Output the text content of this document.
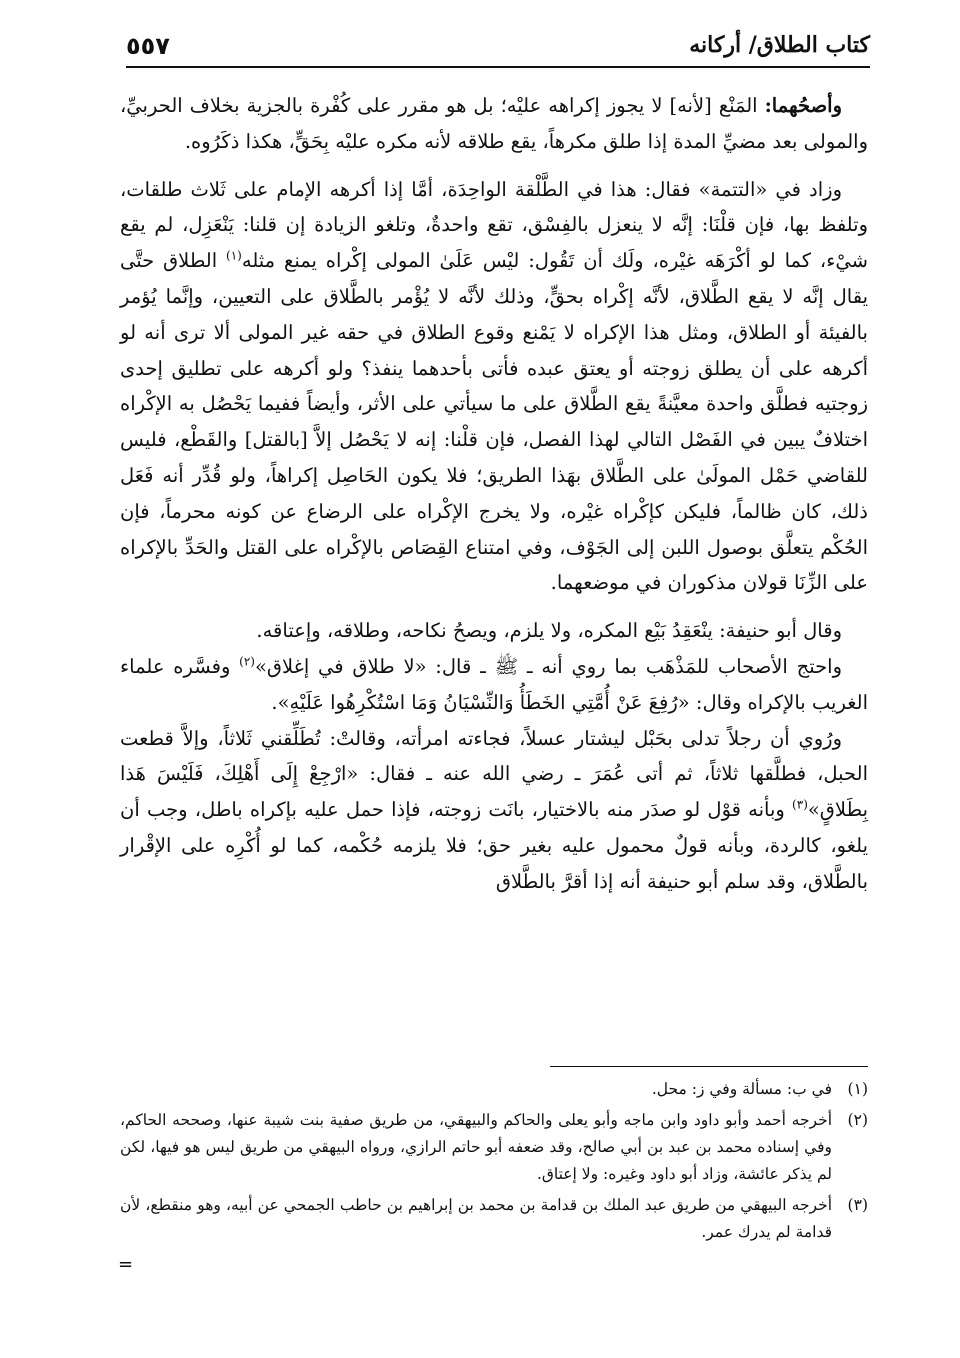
كتاب الطلاق/ أركانه
٥٥٧

وأصحُهما: المَنْع [لأنه] لا يجوز إكراهه عليْه؛ بل هو مقرر على كُفْرة بالجزية بخلاف الحربيِّ، والمولى بعد مضيِّ المدة إذا طلق مكرهاً، يقع طلاقه لأنه مكره عليْه بِحَقٍّ، هكذا ذكَرُوه.

وزاد في «التتمة» فقال: هذا في الطَّلْقة الواحِدَة، أمَّا إذا أكرهه الإمام على ثَلاث طلقات، وتلفظ بها، فإن قلْنَا: إنَّه لا ينعزل بالفِسْق، تقع واحدةٌ، وتلغو الزيادة إن قلنا: يَنْعَزِل، لم يقع شيْء، كما لو أكْرَهَه غيْره، ولَك أن تَقُول: ليْس عَلَىٰ المولى إكْراه يمنع مثله$^{(١)}$ الطلاق حتَّى يقال إنَّه لا يقع الطَّلاق، لأنَّه إكْراه بحقٍّ، وذلك لأنَّه لا يُؤْمر بالطَّلاق على التعيين، وإنَّما يُؤمر بالفيئة أو الطلاق، ومثل هذا الإكراه لا يَمْنع وقوع الطلاق في حقه غير المولى ألا ترى أنه لو أكرهه على أن يطلق زوجته أو يعتق عبده فأتى بأحدهما ينفذ؟ ولو أكرهه على تطليق إحدى زوجتيه فطلَّق واحدة معيَّنةً يقع الطَّلاق على ما سيأتي على الأثر، وأيضاً ففيما يَحْصُل به الإكْراه اختلافٌ يبين في الفَصْل التالي لهذا الفصل، فإن قلْنا: إنه لا يَحْصُل إلاَّ [بالقتل] والقَطْع، فليس للقاضي حَمْل المولَىٰ على الطَّلاق بهَذا الطريق؛ فلا يكون الحَاصِل إكراهاً، ولو قُدِّر أنه فَعَل ذلك، كان ظالماً، فليكن كإكْراه غيْره، ولا يخرج الإكْراه على الرضاع عن كونه محرماً، فإن الحُكْم يتعلَّق بوصول اللبن إلى الجَوْف، وفي امتناع القِصَاص بالإكْراه على القتل والحَدِّ بالإكراه على الزِّنَا قولان مذكوران في موضعهما.

وقال أبو حنيفة: ينْعَقِدُ بَيْع المكره، ولا يلزم، ويصحُ نكاحه، وطلاقه، وإعتاقه.

واحتج الأصحاب للمَذْهَب بما روي أنه ـ ﷺ ـ قال: «لا طلاق في إغلاق»$^{(٢)}$ وفسَّره علماء الغريب بالإكراه وقال: «رُفِعَ عَنْ أُمَّتِي الخَطَأُ وَالنِّسْيَانُ وَمَا اسْتُكْرِهُوا عَلَيْهِ».

ورُوي أن رجلاً تدلى بحَبْل ليشتار عسلاً، فجاءته امرأته، وقالتْ: تُطَلِّقني ثَلاثاً، وإلاَّ قطعت الحبل، فطلَّقها ثلاثاً، ثم أتى عُمَرَ ـ رضي الله عنه ـ فقال: «ارْجِعْ إِلَى أَهْلِكَ، فَلَيْسَ هَذا بِطَلاقٍ»$^{(٣)}$ وبأنه قوْل لو صدَر منه بالاختيار، بانَت زوجته، فإذا حمل عليه بإكراه باطل، وجب أن يلغو، كالردة، وبأنه قولٌ محمول عليه بغير حق؛ فلا يلزمه حُكْمه، كما لو أُكْرِه على الإقْرار بالطَّلاق، وقد سلم أبو حنيفة أنه إذا أقرَّ بالطَّلاق

(١)
في ب: مسألة وفي ز: محل.
(٢)
أخرجه أحمد وأبو داود وابن ماجه وأبو يعلى والحاكم والبيهقي، من طريق صفية بنت شيبة عنها، وصححه الحاكم، وفي إسناده محمد بن عبد بن أبي صالح، وقد ضعفه أبو حاتم الرازي، ورواه البيهقي من طريق ليس هو فيها، لكن لم يذكر عائشة، وزاد أبو داود وغيره: ولا إعتاق.
(٣)
أخرجه البيهقي من طريق عبد الملك بن قدامة بن محمد بن إبراهيم بن حاطب الجمحي عن أبيه، وهو منقطع، لأن قدامة لم يدرك عمر.
=
